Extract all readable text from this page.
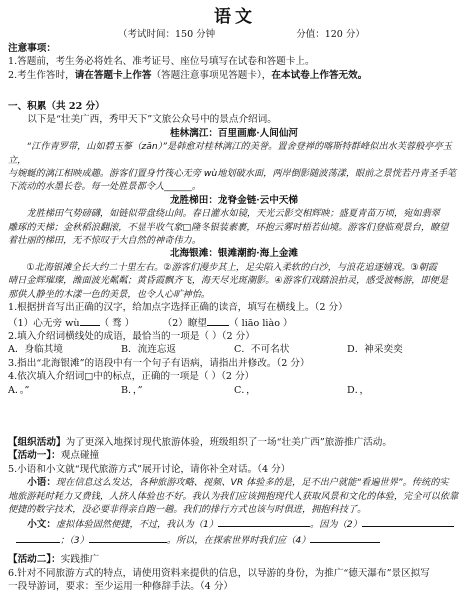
语文
（考试时间：150 分钟	分值：120 分）
注意事项：
1.答题前，考生务必将姓名、准考证号、座位号填写在试卷和答题卡上。
2.考生作答时，请在答题卡上作答（答题注意事项见答题卡），在本试卷上作答无效。
一、积累（共 22 分）
以下是“壮美广西，秀甲天下”文旅公众号中的景点介绍词。
桂林漓江：百里画廊·人间仙河
“江作青罗带，山如碧玉篸（zān）”是韩愈对桂林漓江的美誉。置舍登禅的喀斯特群峰似出水芙蓉般亭亭玉立，
与婉蜒的漓江相映成趣。游客们置身竹筏心无旁 wù地划破水面，两岸倒影随波荡漾，眼前之景恍若丹青圣手笔
下流动的水墨长卷。每一处胜景都令人______。
龙胜梯田：龙脊金链·云中天梯
龙胜梯田气势磅礴，如链似带盘绕山间。春日灌水如镜，天光云影交相辉映；盛夏青苗万顷，宛如翡翠
雕琢的天梯；金秋稻浪翻滚，不显半收气象□隆冬银装素裹，环抱云雾时梧若仙境。游客们登临观景台，瞭望
着壮丽的梯田，无不惊叹于大自然的神奇伟力。
北海银滩：银滩潮韵·海上金滩
①北海银滩全长大约二十里左右。②游客们漫步其上，足尖陷入柔软的白沙，与浪花追逐嬉戏。③朝霞
晴日金辉璀璨，潍面波光粼粼；黄昏霞飘齐飞，海天尽光斑潮影。④游客们戏踏浪拍灵，感受波畅游，即便是
那供人静坐的木漾一色的美景，也令人心旷神怡。
1.根据拼音写出正确的汉字，给加点字选择正确的读音，填写在横线上。（2 分）
（1）心无旁 wù （ 骛 ）	（2）瞭望 （ liāo liào ）
2.填入介绍词横线处的成语，最恰当的一项是（ ）（2 分）
A．身临其境	B．流连忘返	C．不可名状	D．神采奕奕
3.指出“北海银滩”的语段中有一个句子有语病，请指出并修改。（2 分）
4.依次填入介绍词□中的标点，正确的一项是（ ）（2 分）
A．。”	B．，”	C．，	D．，
【组织活动】为了更深入地探讨现代旅游体验，班级组织了一场“壮美广西”旅游推广活动。
【活动一】：观点碰撞
5.小语和小文就“现代旅游方式”展开讨论，请你补全对话。（4 分）
小语：现在信息这么发达，各种旅游攻略、视频、VR 体验多的是，足不出户就能“看遍世界”。传统的实
地旅游耗时耗力又费钱，人挤人体验也不好。我认为我们应该拥抱现代人获取风景和文化的体验，完全可以依靠
便捷的数字技术，没必要非得亲自跑一趟。我们的排行方式也该与时俱进，拥抱科技了。
小文：虚拟体验固然便捷，不过，我认为（1）	。因为（2）
；（3）	。所以，在探索世界时我们应（4）
【活动二】：实践推广
6.针对不同旅游方式的特点，请使用资料来提供的信息，以导游的身份，为推广“德天瀑布”景区拟写
一段导游词，要求：至少运用一种修辞手法。（4 分）
